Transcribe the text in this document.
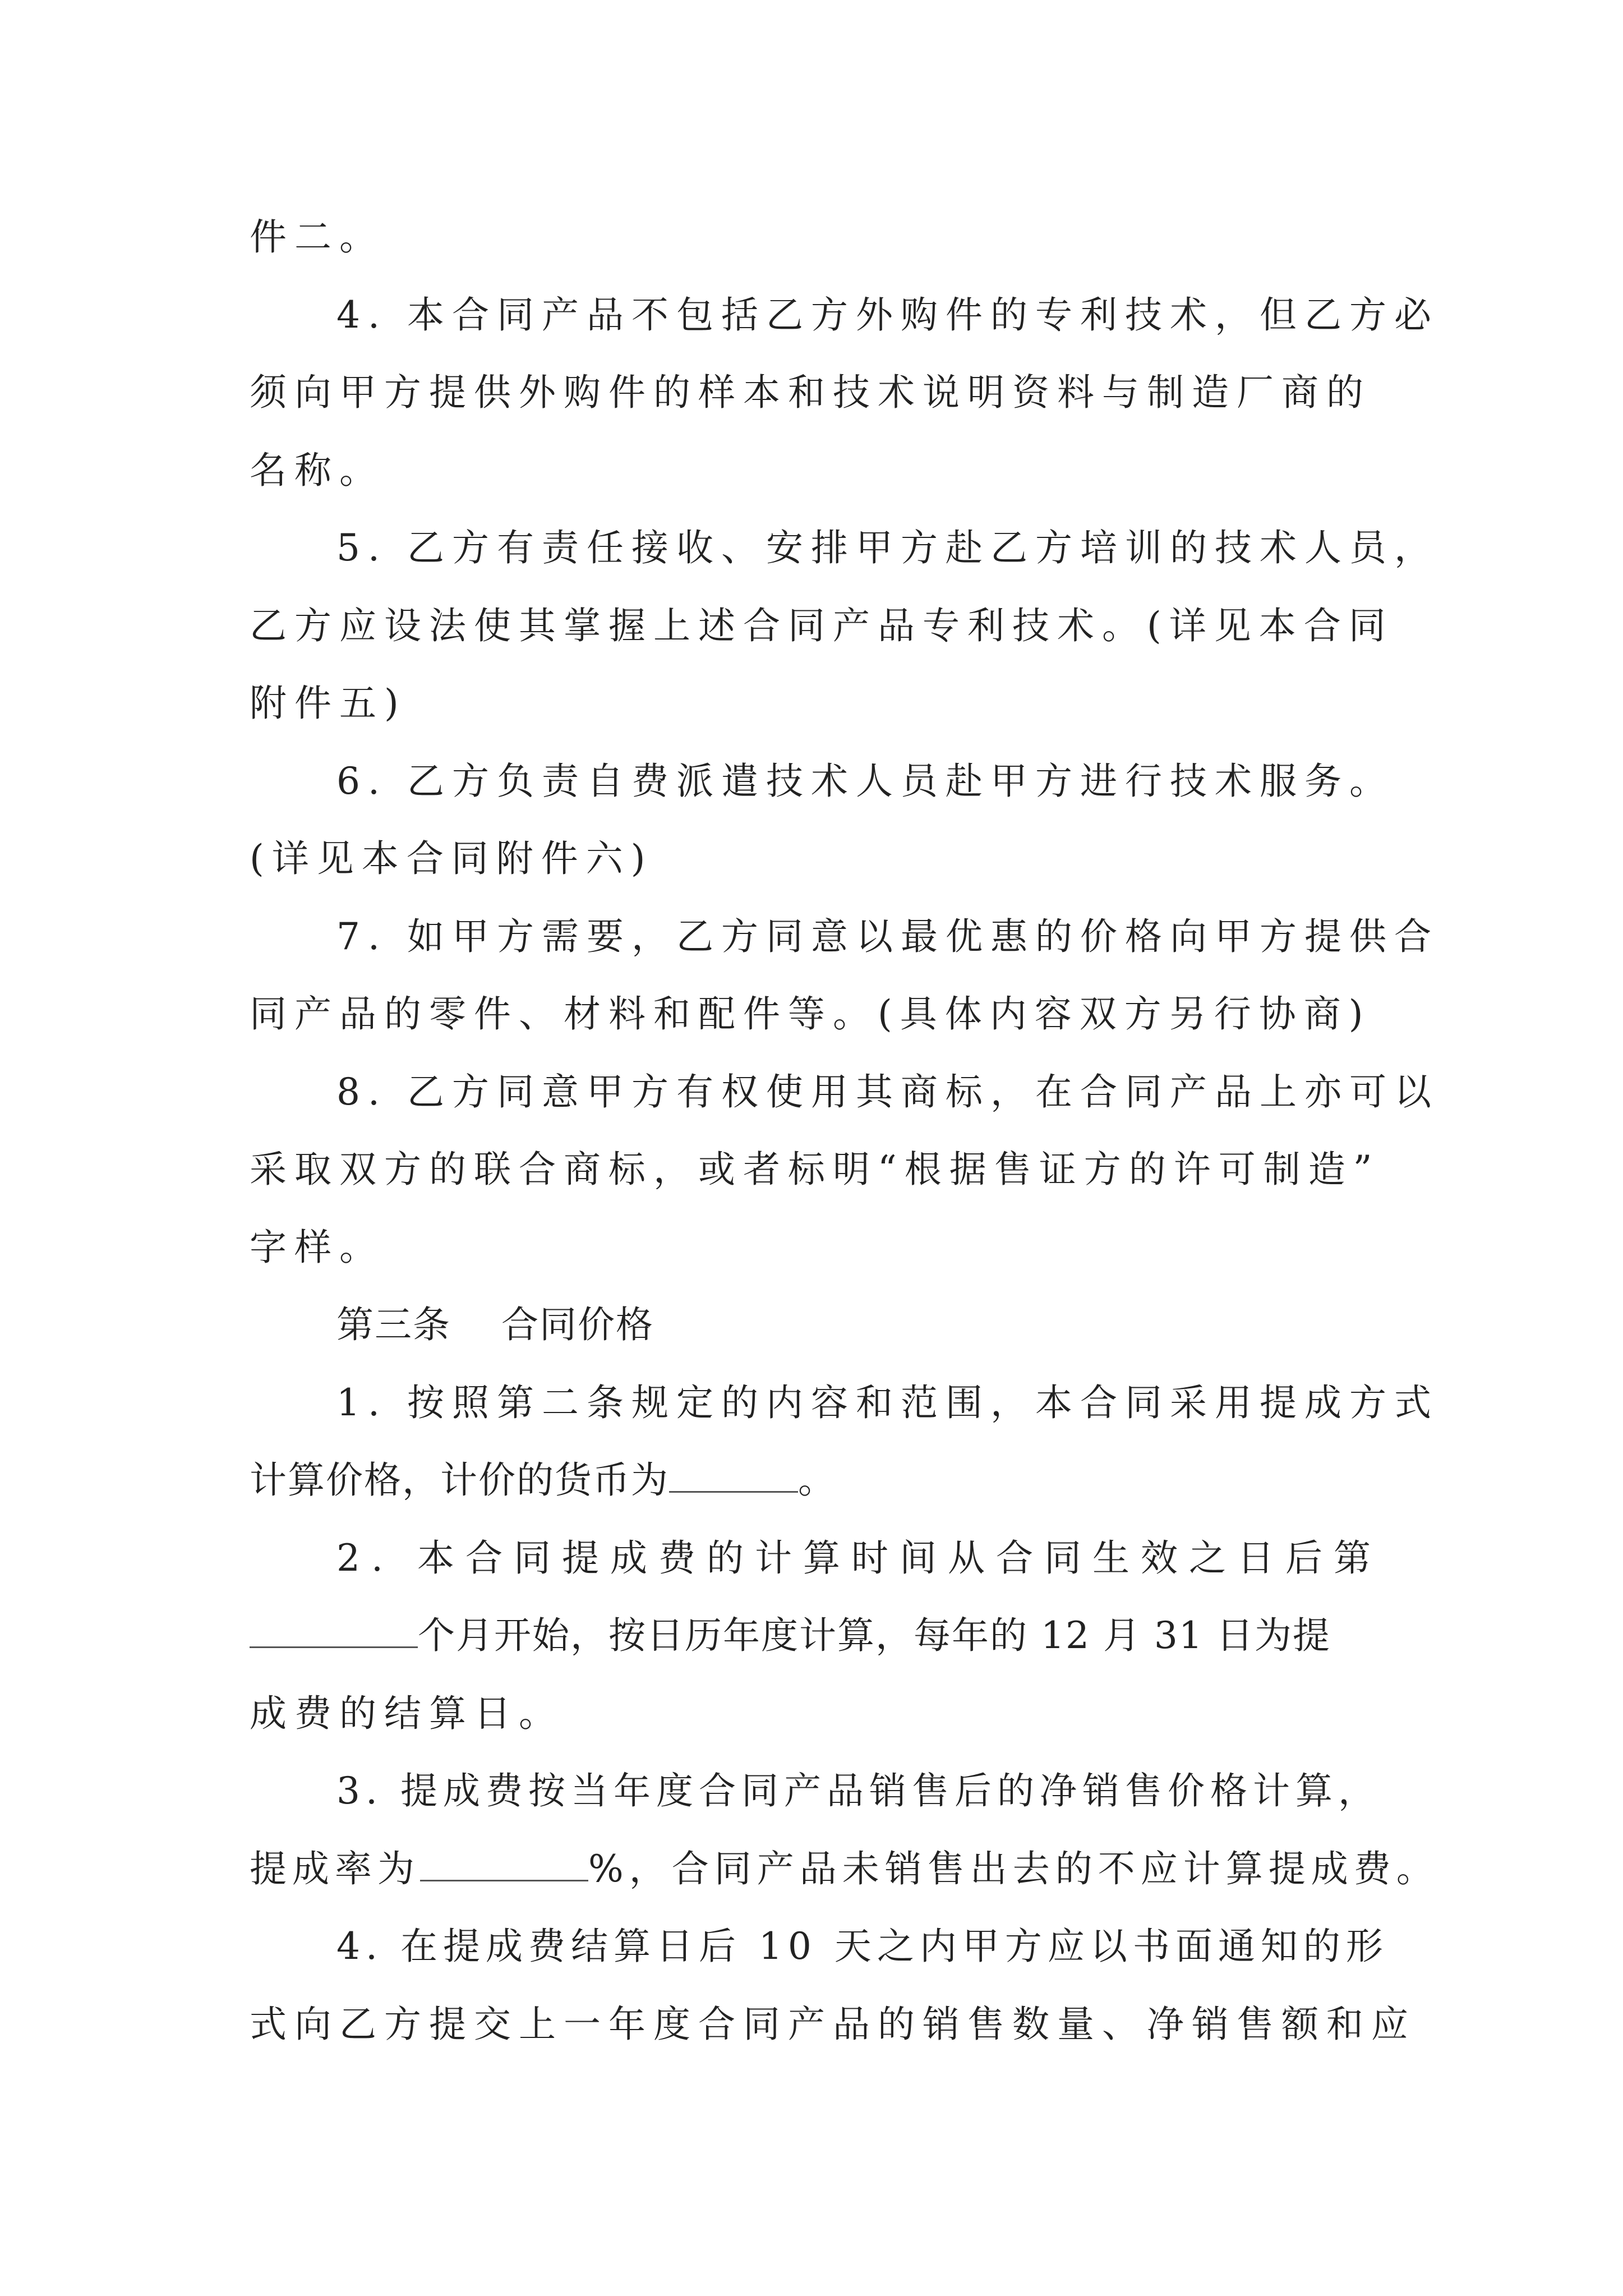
件二。
4. 本合同产品不包括乙方外购件的专利技术，但乙方必
须向甲方提供外购件的样本和技术说明资料与制造厂商的
名称。
5. 乙方有责任接收、安排甲方赴乙方培训的技术人员，
乙方应设法使其掌握上述合同产品专利技术。(详见本合同
附件五)
6. 乙方负责自费派遣技术人员赴甲方进行技术服务。
(详见本合同附件六)
7. 如甲方需要，乙方同意以最优惠的价格向甲方提供合
同产品的零件、材料和配件等。(具体内容双方另行协商)
8. 乙方同意甲方有权使用其商标，在合同产品上亦可以
采取双方的联合商标，或者标明“根据售证方的许可制造”
字样。
第三条 合同价格
1. 按照第二条规定的内容和范围，本合同采用提成方式
计算价格，计价的货币为	。
2. 本合同提成费的计算时间从合同生效之日后第
个月开始，按日历年度计算，每年的 12 月 31 日为提
成费的结算日。
3. 提成费按当年度合同产品销售后的净销售价格计算，
提成率为	%，合同产品未销售出去的不应计算提成费。
4. 在提成费结算日后 10 天之内甲方应以书面通知的形
式向乙方提交上一年度合同产品的销售数量、净销售额和应
